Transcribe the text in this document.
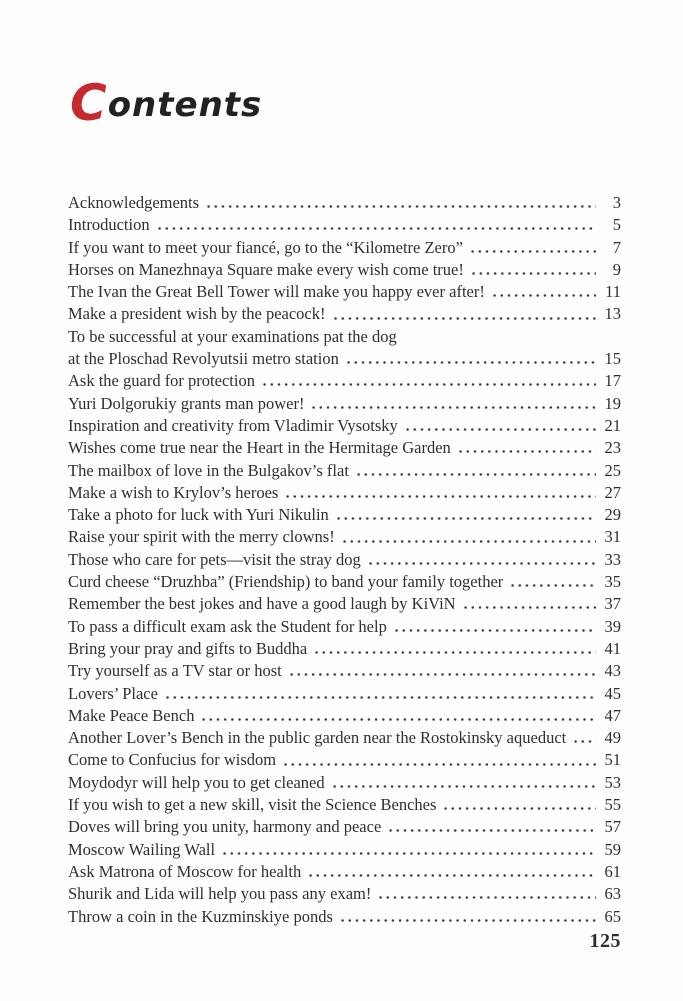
Contents
Acknowledgements	3
Introduction	5
If you want to meet your fiancé, go to the “Kilometre Zero”	7
Horses on Manezhnaya Square make every wish come true!	9
The Ivan the Great Bell Tower will make you happy ever after!	11
Make a president wish by the peacock!	13
To be successful at your examinations pat the dog
at the Ploschad Revolyutsii metro station	15
Ask the guard for protection	17
Yuri Dolgorukiy grants man power!	19
Inspiration and creativity from Vladimir Vysotsky	21
Wishes come true near the Heart in the Hermitage Garden	23
The mailbox of love in the Bulgakov’s flat	25
Make a wish to Krylov’s heroes	27
Take a photo for luck with Yuri Nikulin	29
Raise your spirit with the merry clowns!	31
Those who care for pets—visit the stray dog	33
Curd cheese “Druzhba” (Friendship) to band your family together	35
Remember the best jokes and have a good laugh by KiViN	37
To pass a difficult exam ask the Student for help	39
Bring your pray and gifts to Buddha	41
Try yourself as a TV star or host	43
Lovers’ Place	45
Make Peace Bench	47
Another Lover’s Bench in the public garden near the Rostokinsky aqueduct	49
Come to Confucius for wisdom	51
Moydodyr will help you to get cleaned	53
If you wish to get a new skill, visit the Science Benches	55
Doves will bring you unity, harmony and peace	57
Moscow Wailing Wall	59
Ask Matrona of Moscow for health	61
Shurik and Lida will help you pass any exam!	63
Throw a coin in the Kuzminskiye ponds	65
125
